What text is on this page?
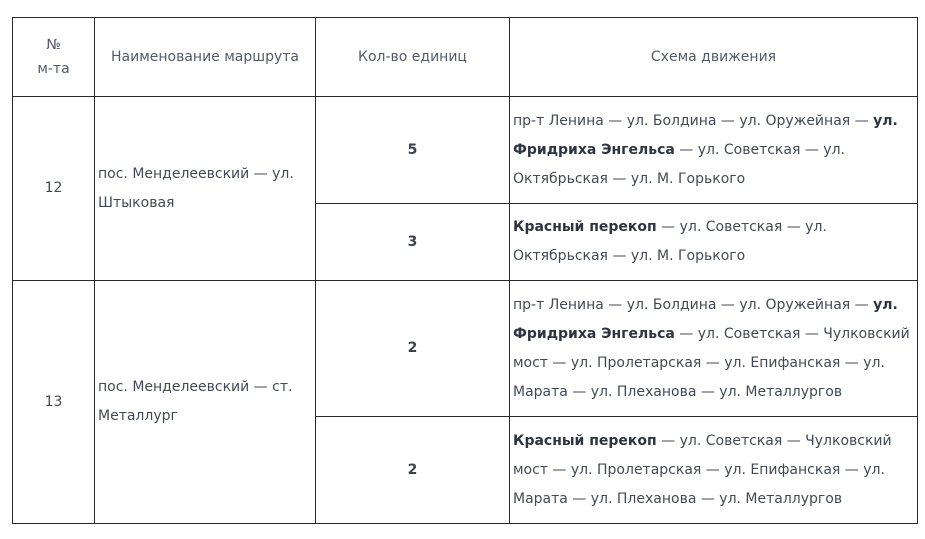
№
м-та	Наименование маршрута	Кол-во единиц	Схема движения
12	пос. Менделеевский — ул. Штыковая	5	пр-т Ленина — ул. Болдина — ул. Оружейная — ул. Фридриха Энгельса — ул. Советская — ул. Октябрьская — ул. М. Горького
		3	Красный перекоп — ул. Советская — ул. Октябрьская — ул. М. Горького
13	пос. Менделеевский — ст. Металлург	2	пр-т Ленина — ул. Болдина — ул. Оружейная — ул. Фридриха Энгельса — ул. Советская — Чулковский мост — ул. Пролетарская — ул. Епифанская — ул. Марата — ул. Плеханова — ул. Металлургов
		2	Красный перекоп — ул. Советская — Чулковский мост — ул. Пролетарская — ул. Епифанская — ул. Марата — ул. Плеханова — ул. Металлургов
